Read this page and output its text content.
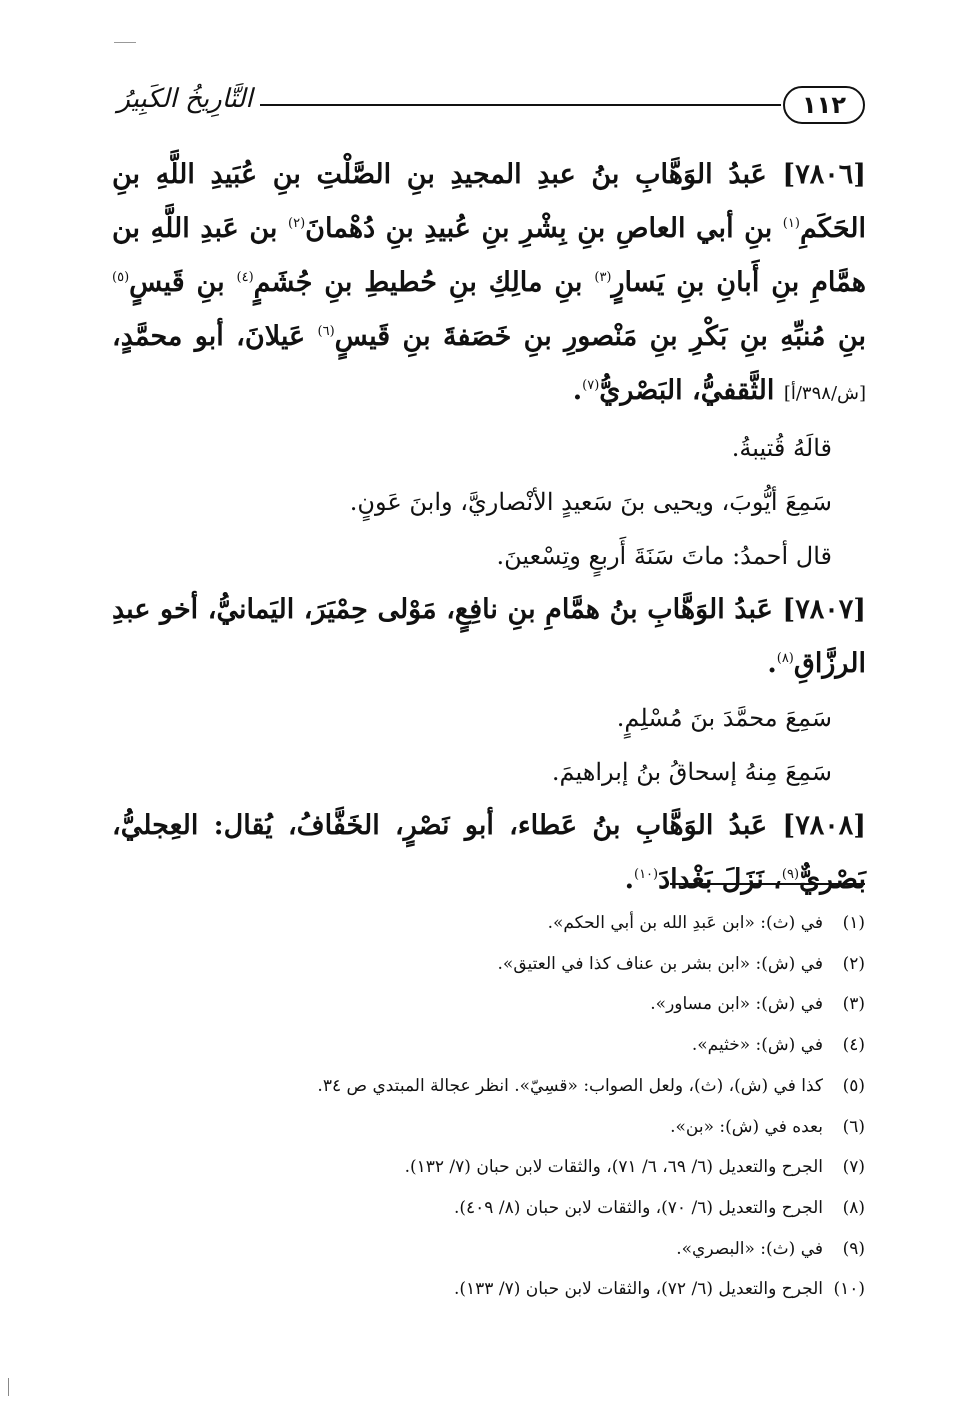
١١٢
التَّارِيخُ الكَبِيرُ

[٧٨٠٦] عَبدُ الوَهَّابِ بنُ عبدِ المجيدِ بنِ الصَّلْتِ بنِ عُبَيدِ اللَّهِ بنِ الحَكَمِ$^{(١)}$ بنِ أبي العاصِ بنِ بِشْرِ بنِ عُبيدِ بنِ دُهْمانَ$^{(٢)}$ بن عَبدِ اللَّهِ بن همَّامِ بنِ أَبانِ بنِ يَسارٍ$^{(٣)}$ بنِ مالِكِ بنِ حُطيطِ بنِ جُشَمٍ$^{(٤)}$ بنِ قَيسٍ$^{(٥)}$ بنِ مُنبِّهِ بنِ بَكْرِ بنِ مَنْصورِ بنِ خَصَفةَ بنِ قَيسٍ$^{(٦)}$ عَيلانَ، أبو محمَّدٍ، [ش/٣٩٨/أ] الثَّقفيُّ، البَصْريُّ$^{(٧)}$.

قالَهُ قُتيبةُ.

سَمِعَ أيُّوبَ، ويحيى بنَ سَعيدٍ الأنْصاريَّ، وابنَ عَونٍ.

قال أحمدُ: ماتَ سَنَةَ أَربعٍ وتِسْعينَ.

[٧٨٠٧] عَبدُ الوَهَّابِ بنُ همَّامِ بنِ نافِعٍ، مَوْلى حِمْيَرَ، اليَمانيُّ، أخو عبدِ الرزَّاقِ$^{(٨)}$.

سَمِعَ محمَّدَ بنَ مُسْلِمٍ.

سَمِعَ مِنهُ إسحاقُ بنُ إبراهيمَ.

[٧٨٠٨] عَبدُ الوَهَّابِ بنُ عَطاء، أبو نَصْرٍ، الخَفَّافُ، يُقال: العِجليُّ، بَصْريٌّ$^{(٩)}$، نَزَلَ بَغْدادَ$^{(١٠)}$.

(١)في (ث): «ابن عَبدِ الله بن أبي الحكم».

(٢)في (ش): «ابن بشر بن عناف كذا في العتيق».

(٣)في (ش): «ابن مساور».

(٤)في (ش): «خثيم».

(٥)كذا في (ش)، (ث)، ولعل الصواب: «قسِيّ». انظر عجالة المبتدي ص ٣٤.

(٦)بعده في (ش): «بن».

(٧)الجرح والتعديل (٦/ ٦٩، ٦/ ٧١)، والثقات لابن حبان (٧/ ١٣٢).

(٨)الجرح والتعديل (٦/ ٧٠)، والثقات لابن حبان (٨/ ٤٠٩).

(٩)في (ث): «البصري».

(١٠)الجرح والتعديل (٦/ ٧٢)، والثقات لابن حبان (٧/ ١٣٣).
